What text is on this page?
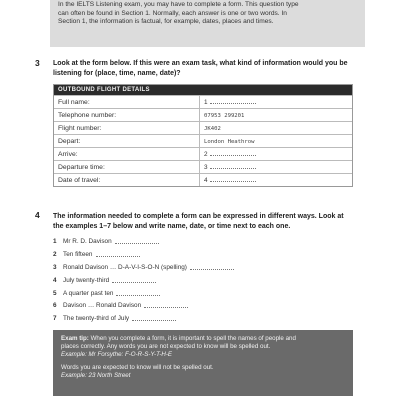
In the IELTS Listening exam, you may have to complete a form. This question type

can often be found in Section 1. Normally, each answer is one or two words. In

Section 1, the information is factual, for example, dates, places and times.

3 Look at the form below. If this were an exam task, what kind of information would you be
listening for (place, time, name, date)?
OUTBOUND FLIGHT DETAILS
Full name:	1
Telephone number:	07953 299201
Flight number:	JK402
Depart:	London Heathrow
Arrive:	2
Departure time:	3
Date of travel:	4
4 The information needed to complete a form can be expressed in different ways. Look at
the examples 1–7 below and write name, date, or time next to each one.
1	Mr R. D. Davison
2	Ten fifteen
3	Ronald Davison … D-A-V-I-S-O-N (spelling)
4	July twenty-third
5	A quarter past ten
6	Davison … Ronald Davison
7	The twenty-third of July
Exam tip: When you complete a form, it is important to spell the names of people and
places correctly. Any words you are not expected to know will be spelled out.
Example: Mr Forsythe: F-O-R-S-Y-T-H-E
Words you are expected to know will not be spelled out.
Example: 23 North Street
